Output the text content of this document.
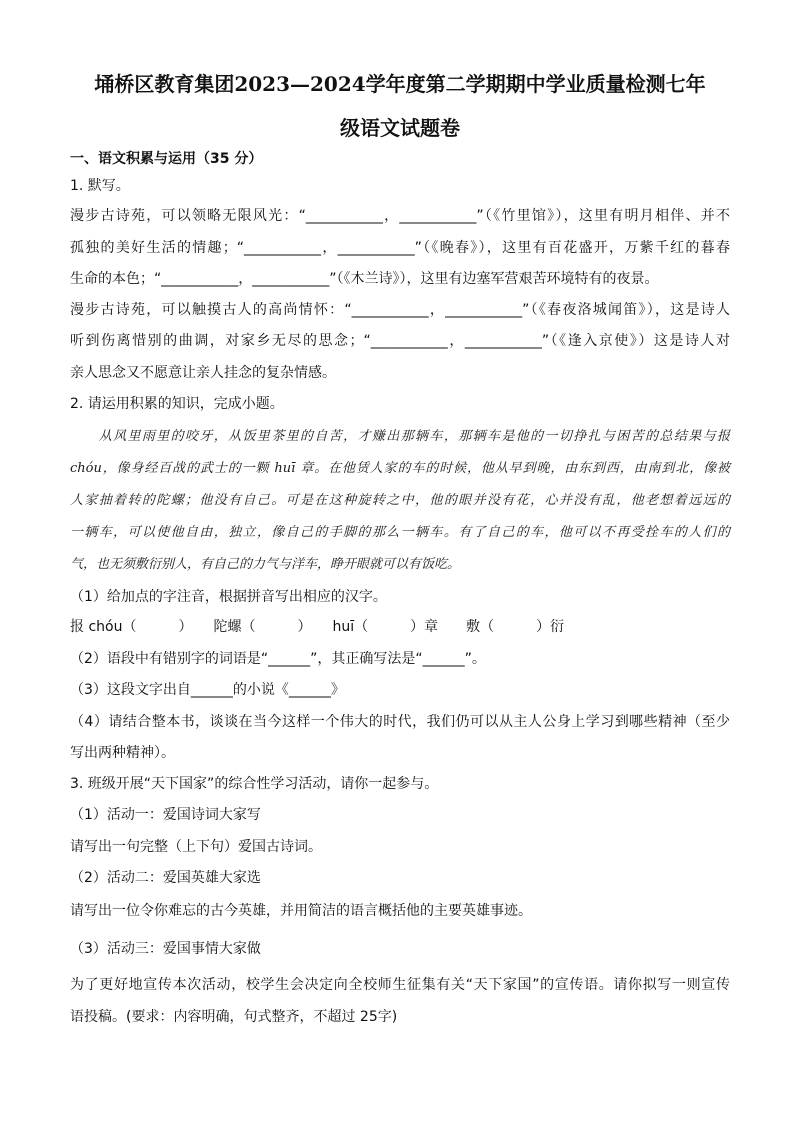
埇桥区教育集团2023—2024学年度第二学期期中学业质量检测七年
级语文试题卷
一、语文积累与运用（35 分）
1. 默写。
漫步古诗苑，可以领略无限风光：“___________，___________”（《竹里馆》），这里有明月相伴、并不
孤独的美好生活的情趣；“___________，___________”（《晚春》），这里有百花盛开，万紫千红的暮春
生命的本色；“___________，___________”（《木兰诗》），这里有边塞军营艰苦环境特有的夜景。
漫步古诗苑，可以触摸古人的高尚情怀：“___________，___________”（《春夜洛城闻笛》），这是诗人
听到伤离惜别的曲调，对家乡无尽的思念；“___________，___________”（《逢入京使》）这是诗人对
亲人思念又不愿意让亲人挂念的复杂情感。
2. 请运用积累的知识，完成小题。
　　从风里雨里的咬牙，从饭里茶里的自苦，才赚出那辆车，那辆车是他的一切挣扎与困苦的总结果与报
chóu，像身经百战的武士的一颗 huī 章。在他赁人家的车的时候，他从早到晚，由东到西，由南到北，像被
人家抽着转的陀螺；他没有自己。可是在这种旋转之中，他的眼并没有花，心并没有乱，他老想着远远的
一辆车，可以使他自由，独立，像自己的手脚的那么一辆车。有了自己的车，他可以不再受拴车的人们的
气，也无须敷衍别人，有自己的力气与洋车，睁开眼就可以有饭吃。
（1）给加点的字注音，根据拼音写出相应的汉字。
报 chóu（　　　）　　陀螺（　　　）　　huī（　　　）章　　敷（　　　）衍
（2）语段中有错别字的词语是“______”，其正确写法是“______”。
（3）这段文字出自______的小说《______》
（4）请结合整本书，谈谈在当今这样一个伟大的时代，我们仍可以从主人公身上学习到哪些精神（至少
写出两种精神）。
3. 班级开展“天下国家”的综合性学习活动，请你一起参与。
（1）活动一：爱国诗词大家写
请写出一句完整（上下句）爱国古诗词。
（2）活动二：爱国英雄大家选
请写出一位令你难忘的古今英雄，并用简洁的语言概括他的主要英雄事迹。
（3）活动三：爱国事情大家做
为了更好地宣传本次活动，校学生会决定向全校师生征集有关“天下家国”的宣传语。请你拟写一则宣传
语投稿。(要求：内容明确，句式整齐，不超过 25字)
